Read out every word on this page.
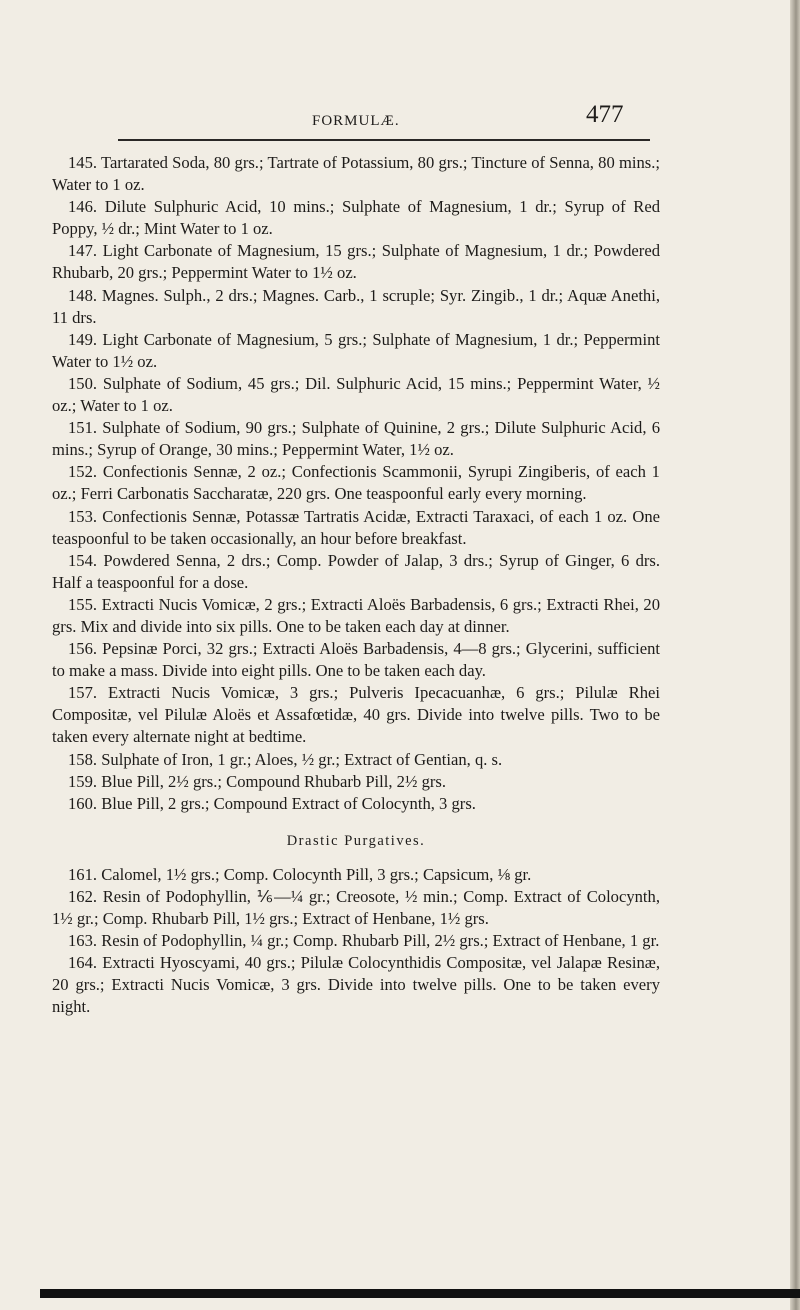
FORMULÆ.	477

145. Tartarated Soda, 80 grs.; Tartrate of Potassium, 80 grs.; Tincture of Senna, 80 mins.; Water to 1 oz.

146. Dilute Sulphuric Acid, 10 mins.; Sulphate of Magnesium, 1 dr.; Syrup of Red Poppy, ½ dr.; Mint Water to 1 oz.

147. Light Carbonate of Magnesium, 15 grs.; Sulphate of Magnesium, 1 dr.; Powdered Rhubarb, 20 grs.; Peppermint Water to 1½ oz.

148. Magnes. Sulph., 2 drs.; Magnes. Carb., 1 scruple; Syr. Zingib., 1 dr.; Aquæ Anethi, 11 drs.

149. Light Carbonate of Magnesium, 5 grs.; Sulphate of Magnesium, 1 dr.; Peppermint Water to 1½ oz.

150. Sulphate of Sodium, 45 grs.; Dil. Sulphuric Acid, 15 mins.; Peppermint Water, ½ oz.; Water to 1 oz.

151. Sulphate of Sodium, 90 grs.; Sulphate of Quinine, 2 grs.; Dilute Sulphuric Acid, 6 mins.; Syrup of Orange, 30 mins.; Peppermint Water, 1½ oz.

152. Confectionis Sennæ, 2 oz.; Confectionis Scammonii, Syrupi Zingiberis, of each 1 oz.; Ferri Carbonatis Saccharatæ, 220 grs. One teaspoonful early every morning.

153. Confectionis Sennæ, Potassæ Tartratis Acidæ, Extracti Taraxaci, of each 1 oz. One teaspoonful to be taken occasionally, an hour before breakfast.

154. Powdered Senna, 2 drs.; Comp. Powder of Jalap, 3 drs.; Syrup of Ginger, 6 drs. Half a teaspoonful for a dose.

155. Extracti Nucis Vomicæ, 2 grs.; Extracti Aloës Barbadensis, 6 grs.; Extracti Rhei, 20 grs. Mix and divide into six pills. One to be taken each day at dinner.

156. Pepsinæ Porci, 32 grs.; Extracti Aloës Barbadensis, 4—8 grs.; Glycerini, sufficient to make a mass. Divide into eight pills. One to be taken each day.

157. Extracti Nucis Vomicæ, 3 grs.; Pulveris Ipecacuanhæ, 6 grs.; Pilulæ Rhei Compositæ, vel Pilulæ Aloës et Assafœtidæ, 40 grs. Divide into twelve pills. Two to be taken every alternate night at bedtime.

158. Sulphate of Iron, 1 gr.; Aloes, ½ gr.; Extract of Gentian, q. s.

159. Blue Pill, 2½ grs.; Compound Rhubarb Pill, 2½ grs.

160. Blue Pill, 2 grs.; Compound Extract of Colocynth, 3 grs.

Drastic Purgatives.

161. Calomel, 1½ grs.; Comp. Colocynth Pill, 3 grs.; Capsicum, ⅛ gr.

162. Resin of Podophyllin, ⅙—¼ gr.; Creosote, ½ min.; Comp. Extract of Colocynth, 1½ gr.; Comp. Rhubarb Pill, 1½ grs.; Extract of Henbane, 1½ grs.

163. Resin of Podophyllin, ¼ gr.; Comp. Rhubarb Pill, 2½ grs.; Extract of Henbane, 1 gr.

164. Extracti Hyoscyami, 40 grs.; Pilulæ Colocynthidis Compositæ, vel Jalapæ Resinæ, 20 grs.; Extracti Nucis Vomicæ, 3 grs. Divide into twelve pills. One to be taken every night.
